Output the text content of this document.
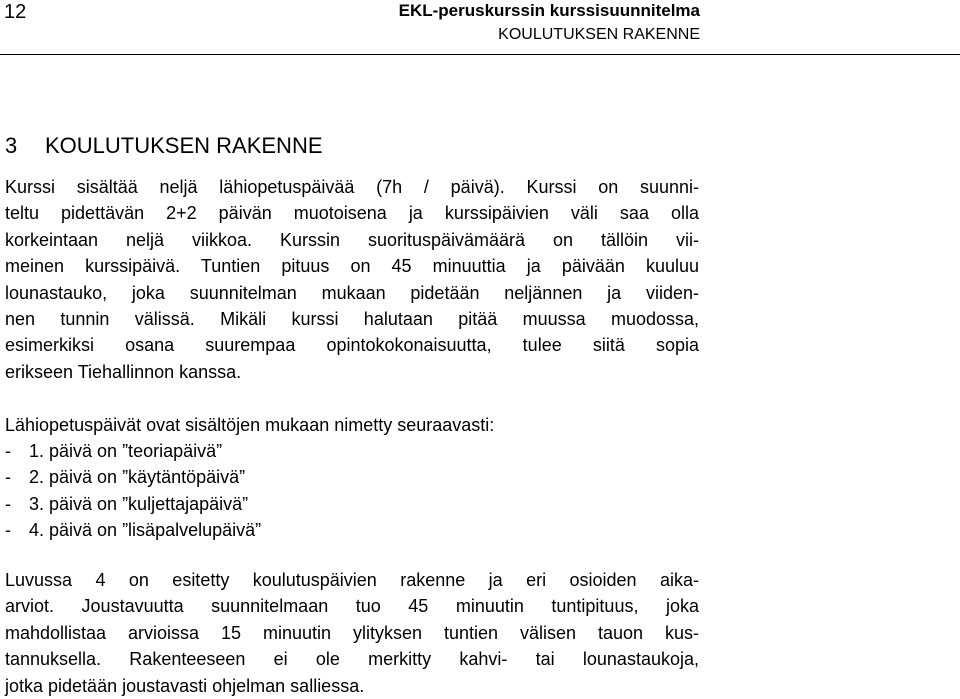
12	EKL-peruskurssin kurssisuunnitelma
KOULUTUKSEN RAKENNE
3 KOULUTUKSEN RAKENNE
Kurssi sisältää neljä lähiopetuspäivää (7h / päivä). Kurssi on suunni-
teltu pidettävän 2+2 päivän muotoisena ja kurssipäivien väli saa olla
korkeintaan neljä viikkoa. Kurssin suorituspäivämäärä on tällöin vii-
meinen kurssipäivä. Tuntien pituus on 45 minuuttia ja päivään kuuluu
lounastauko, joka suunnitelman mukaan pidetään neljännen ja viiden-
nen tunnin välissä. Mikäli kurssi halutaan pitää muussa muodossa,
esimerkiksi osana suurempaa opintokokonaisuutta, tulee siitä sopia
erikseen Tiehallinnon kanssa.
Lähiopetuspäivät ovat sisältöjen mukaan nimetty seuraavasti:
- 1. päivä on ”teoriapäivä”
- 2. päivä on ”käytäntöpäivä”
- 3. päivä on ”kuljettajapäivä”
- 4. päivä on ”lisäpalvelupäivä”
Luvussa 4 on esitetty koulutuspäivien rakenne ja eri osioiden aika-
arviot. Joustavuutta suunnitelmaan tuo 45 minuutin tuntipituus, joka
mahdollistaa arvioissa 15 minuutin ylityksen tuntien välisen tauon kus-
tannuksella. Rakenteeseen ei ole merkitty kahvi- tai lounastaukoja,
jotka pidetään joustavasti ohjelman salliessa.
